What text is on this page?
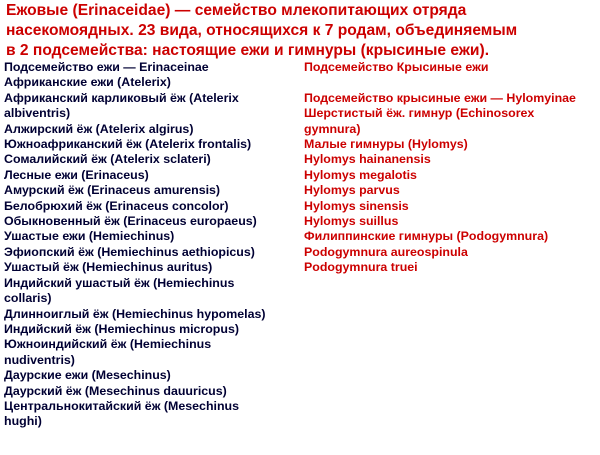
Ежовые (Erinaceidae) — семейство млекопитающих отряда

насекомоядных. 23 вида, относящихся к 7 родам, объединяемым

в 2 подсемейства: настоящие ежи и гимнуры (крысиные ежи).

Подсемейство ежи — Erinaceinae

Африканские ежи (Atelerix)

Африканский карликовый ёж (Atelerix

albiventris)

Алжирский ёж (Atelerix algirus)

Южноафриканский ёж (Atelerix frontalis)

Сомалийский ёж (Atelerix sclateri)

Лесные ежи (Erinaceus)

Амурский ёж (Erinaceus amurensis)

Белобрюхий ёж (Erinaceus concolor)

Обыкновенный ёж (Erinaceus europaeus)

Ушастые ежи (Hemiechinus)

Эфиопский ёж (Hemiechinus aethiopicus)

Ушастый ёж (Hemiechinus auritus)

Индийский ушастый ёж (Hemiechinus

collaris)

Длинноиглый ёж (Hemiechinus hypomelas)

Индийский ёж (Hemiechinus micropus)

Южноиндийский ёж (Hemiechinus

nudiventris)

Даурские ежи (Mesechinus)

Даурский ёж (Mesechinus dauuricus)

Центральнокитайский ёж (Mesechinus

hughi)

Подсемейство Крысиные ежи

Подсемейство крысиные ежи — Hylomyinae

Шерстистый ёж. гимнур (Echinosorex

gymnura)

Малые гимнуры (Hylomys)

Hylomys hainanensis

Hylomys megalotis

Hylomys parvus

Hylomys sinensis

Hylomys suillus

Филиппинские гимнуры (Podogymnura)

Podogymnura aureospinula

Podogymnura truei
